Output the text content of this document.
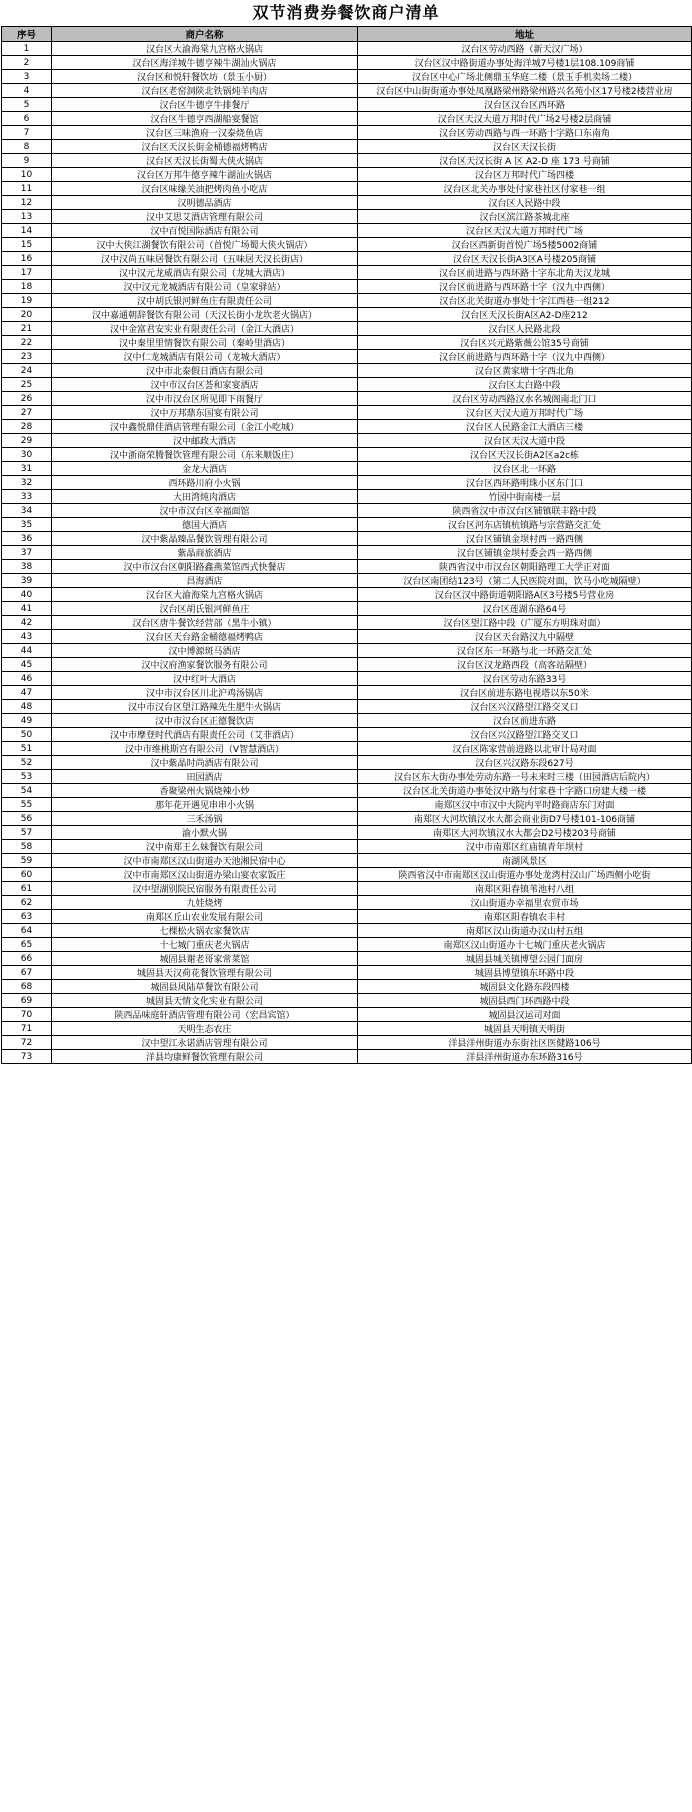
双节消费券餐饮商户清单
序号	商户名称	地址
1	汉台区大渝海棠九宫格火锅店	汉台区劳动西路（新天汉广场）
2	汉台区海洋城牛德亨辣牛湖汕火锅店	汉台区汉中路街道办事处海洋城7号楼1层108.109商铺
3	汉台区和悦轩餐饮坊（景玉小厨）	汉台区中心广场北侧鼎玉华庭二楼（景玉手机卖场二楼）
4	汉台区老窑洞陕北铁锅炖羊肉店	汉台区中山街街道办事处凤凰路梁州路梁州路兴名苑小区17号楼2楼营业房
5	汉台区牛德亨牛排餐厅	汉台区汉台区西环路
6	汉台区牛德亨西湖船宴餐馆	汉台区天汉大道万邦时代广场2号楼2层商铺
7	汉台区三味渔府一汉泰烧鱼店	汉台区劳动西路与西一环路十字路口东南角
8	汉台区天汉长街金桶德福烤鸭店	汉台区天汉长街
9	汉台区天汉长街蜀大侠火锅店	汉台区天汉长街 A 区 A2-D 座 173 号商铺
10	汉台区万邦牛德亨辣牛湖汕火锅店	汉台区万邦时代广场四楼
11	汉台区味缘关油把烤肉鱼小吃店	汉台区北关办事处付家巷社区付家巷一组
12	汉明德品酒店	汉台区人民路中段
13	汉中艾思艾酒店管理有限公司	汉台区滨江路茶城北座
14	汉中百悦国际酒店有限公司	汉台区天汉大道万邦时代广场
15	汉中大侠江湖餐饮有限公司（首悦广场蜀大侠火锅店）	汉台区西新街首悦广场5楼5002商铺
16	汉中汉尚五味居餐饮有限公司（五味居天汉长街店）	汉台区天汉长街A3区A号楼205商铺
17	汉中汉元龙威酒店有限公司（龙城大酒店）	汉台区前进路与西环路十字东北角天汉龙城
18	汉中汉元龙城酒店有限公司（皇家驿站）	汉台区前进路与西环路十字（汉九中西侧）
19	汉中胡氏银河鲜鱼庄有限责任公司	汉台区北关街道办事处十字江西巷一组212
20	汉中嘉通朝辞餐饮有限公司（天汉长街小龙坎老火锅店）	汉台区天汉长街A区A2-D座212
21	汉中金富君安实业有限责任公司（金江大酒店）	汉台区人民路北段
22	汉中秦里里情餐饮有限公司（秦岭里酒店）	汉台区兴元路紫薇公馆35号商铺
23	汉中仁龙城酒店有限公司（龙城大酒店）	汉台区前进路与西环路十字（汉九中西侧）
24	汉中市北泰假日酒店有限公司	汉台区黄家塘十字西北角
25	汉中市汉台区荟和家宴酒店	汉台区太白路中段
26	汉中市汉台区所见即下雨餐厅	汉台区劳动西路汉水名城阁南北门口
27	汉中万邦鼎东国宴有限公司	汉台区天汉大道万邦时代广场
28	汉中鑫悦鼎佳酒店管理有限公司（金江小吃城）	汉台区人民路金江大酒店三楼
29	汉中邮政大酒店	汉台区天汉大道中段
30	汉中浙商荣腾餐饮管理有限公司（东来顺饭庄）	汉台区天汉长街A2区a2c栋
31	金龙大酒店	汉台区北一环路
32	西环路川府小火锅	汉台区西环路明珠小区东门口
33	大田湾炖肉酒店	竹园中街南楼一层
34	汉中市汉台区幸福面馆	陕西省汉中市汉台区铺镇联丰路中段
35	德国大酒店	汉台区河东店镇杭镇路与宗营路交汇处
36	汉中紫晶臻品餐饮管理有限公司	汉台区铺镇金坝村西一路西侧
37	紫晶商旅酒店	汉台区铺镇金坝村委会西一路西侧
38	汉中市汉台区朝阳路鑫燕菜馆西式快餐店	陕西省汉中市汉台区朝阳路理工大学正对面
39	昌海酒店	汉台区南团结123号（第二人民医院对面，饮马小吃城隔壁）
40	汉台区大渝海棠九宫格火锅店	汉台区汉中路街道朝阳路A区3号楼5号营业房
41	汉台区胡氏银河鲜鱼庄	汉台区莲湖东路64号
42	汉台区唐牛餐饮经营部（黑牛小镇）	汉台区望江路中段（广厦东方明珠对面）
43	汉台区天台路金桶德福烤鸭店	汉台区天台路汉九中隔壁
44	汉中博源斑马酒店	汉台区东一环路与北一环路交汇处
45	汉中汉府渔家餐饮服务有限公司	汉台区汉龙路西段（高客站隔壁）
46	汉中红叶大酒店	汉台区劳动东路33号
47	汉中市汉台区川北沪鸡汤锅店	汉台区前进东路电视塔以东50米
48	汉中市汉台区望江路辣先生肥牛火锅店	汉台区兴汉路望江路交叉口
49	汉中市汉台区正德餐饮店	汉台区前进东路
50	汉中市摩登时代酒店有限责任公司（艾菲酒店）	汉台区兴汉路望江路交叉口
51	汉中市维桃斯宫有限公司（V智慧酒店）	汉台区陈家营前进路以北审计局对面
52	汉中紫晶时尚酒店有限公司	汉台区兴汉路东段627号
53	田园酒店	汉台区东大街办事处劳动东路一号未来时三楼（田园酒店后院内）
54	香聚梁州火锅烧辣小炒	汉台区北关街道办事处汉中路与付家巷十字路口房建大楼一楼
55	那年花开遇见串串小火锅	南郑区汉中市汉中大院内平时路商店东门对面
56	三禾汤锅	南郑区大河坎镇汉水大都会商业街D7号楼101-106商铺
57	渝小默火锅	南郑区大河坎镇汉水大都会D2号楼203号商铺
58	汉中南郑王么妹餐饮有限公司	汉中市南郑区红庙镇青年坝村
59	汉中市南郑区汉山街道办天池湘民宿中心	南湖风景区
60	汉中市南郑区汉山街道办梁山宴农家饭庄	陕西省汉中市南郑区汉山街道办事处龙湾村汉山广场西侧小吃街
61	汉中望湖别院民宿服务有限责任公司	南郑区阳春镇苇池村八组
62	九娃烧烤	汉山街道办幸福里农贸市场
63	南郑区丘山农业发展有限公司	南郑区阳春镇农丰村
64	七棵松火锅农家餐饮店	南郑区汉山街道办汉山村五组
65	十七城门重庆老火锅店	南郑区汉山街道办十七城门重庆老火锅店
66	城固县谢老哥家常菜馆	城固县城关镇博望公园门面房
67	城固县天汉荷花餐饮管理有限公司	城固县博望镇东环路中段
68	城固县风陆草餐饮有限公司	城固县文化路东段四楼
69	城固县天情文化实业有限公司	城固县西门环西路中段
70	陕西品味庭轩酒店管理有限公司（宏昌宾馆）	城固县汉运司对面
71	天明生态农庄	城固县天明镇天明街
72	汉中望江永诺酒店管理有限公司	洋县洋州街道办东街社区医健路106号
73	洋县均康鲜餐饮管理有限公司	洋县洋州街道办东环路316号
